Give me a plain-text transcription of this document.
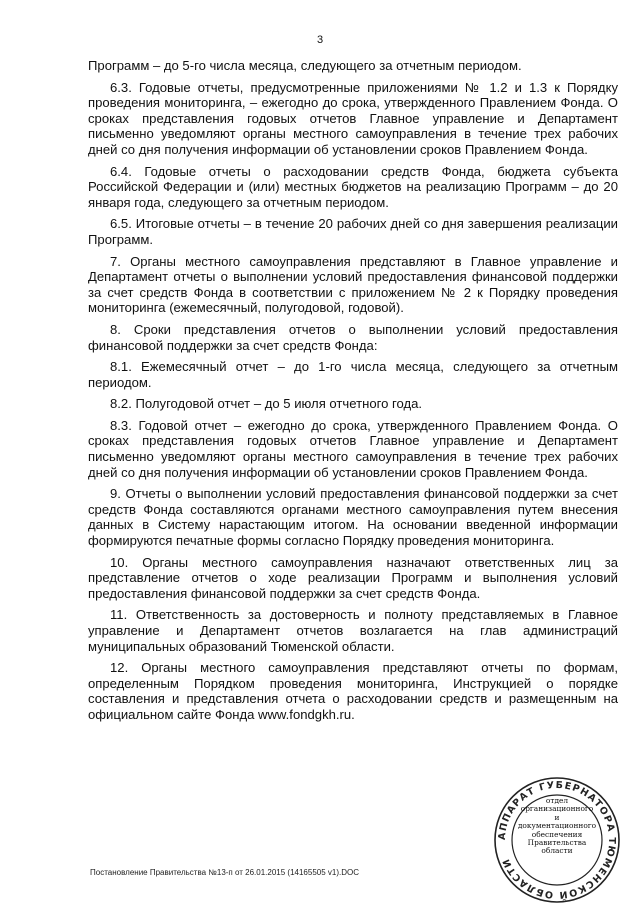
3

Программ – до 5-го числа месяца, следующего за отчетным периодом.

6.3. Годовые отчеты, предусмотренные приложениями № 1.2 и 1.3 к Порядку проведения мониторинга, – ежегодно до срока, утвержденного Правлением Фонда. О сроках представления годовых отчетов Главное управление и Департамент письменно уведомляют органы местного самоуправления в течение трех рабочих дней со дня получения информации об установлении сроков Правлением Фонда.

6.4. Годовые отчеты о расходовании средств Фонда, бюджета субъекта Российской Федерации и (или) местных бюджетов на реализацию Программ – до 20 января года, следующего за отчетным периодом.

6.5. Итоговые отчеты – в течение 20 рабочих дней со дня завершения реализации Программ.

7. Органы местного самоуправления представляют в Главное управление и Департамент отчеты о выполнении условий предоставления финансовой поддержки за счет средств Фонда в соответствии с приложением № 2 к Порядку проведения мониторинга (ежемесячный, полугодовой, годовой).

8. Сроки представления отчетов о выполнении условий предоставления финансовой поддержки за счет средств Фонда:

8.1. Ежемесячный отчет – до 1-го числа месяца, следующего за отчетным периодом.

8.2. Полугодовой отчет – до 5 июля отчетного года.

8.3. Годовой отчет – ежегодно до срока, утвержденного Правлением Фонда. О сроках представления годовых отчетов Главное управление и Департамент письменно уведомляют органы местного самоуправления в течение трех рабочих дней со дня получения информации об установлении сроков Правлением Фонда.

9. Отчеты о выполнении условий предоставления финансовой поддержки за счет средств Фонда составляются органами местного самоуправления путем внесения данных в Систему нарастающим итогом. На основании введенной информации формируются печатные формы согласно Порядку проведения мониторинга.

10. Органы местного самоуправления назначают ответственных лиц за представление отчетов о ходе реализации Программ и выполнения условий предоставления финансовой поддержки за счет средств Фонда.

11. Ответственность за достоверность и полноту представляемых в Главное управление и Департамент отчетов возлагается на глав администраций муниципальных образований Тюменской области.

12. Органы местного самоуправления представляют отчеты по формам, определенным Порядком проведения мониторинга, Инструкцией о порядке составления и представления отчета о расходовании средств и размещенным на официальном сайте Фонда www.fondgkh.ru.

АППАРАТ ГУБЕРНАТОРА ТЮМЕНСКОЙ ОБЛАСТИ
отдел
организационного
и
документационного
обеспечения
Правительства
области
Постановление Правительства №13-п от 26.01.2015 (14165505 v1).DOC
